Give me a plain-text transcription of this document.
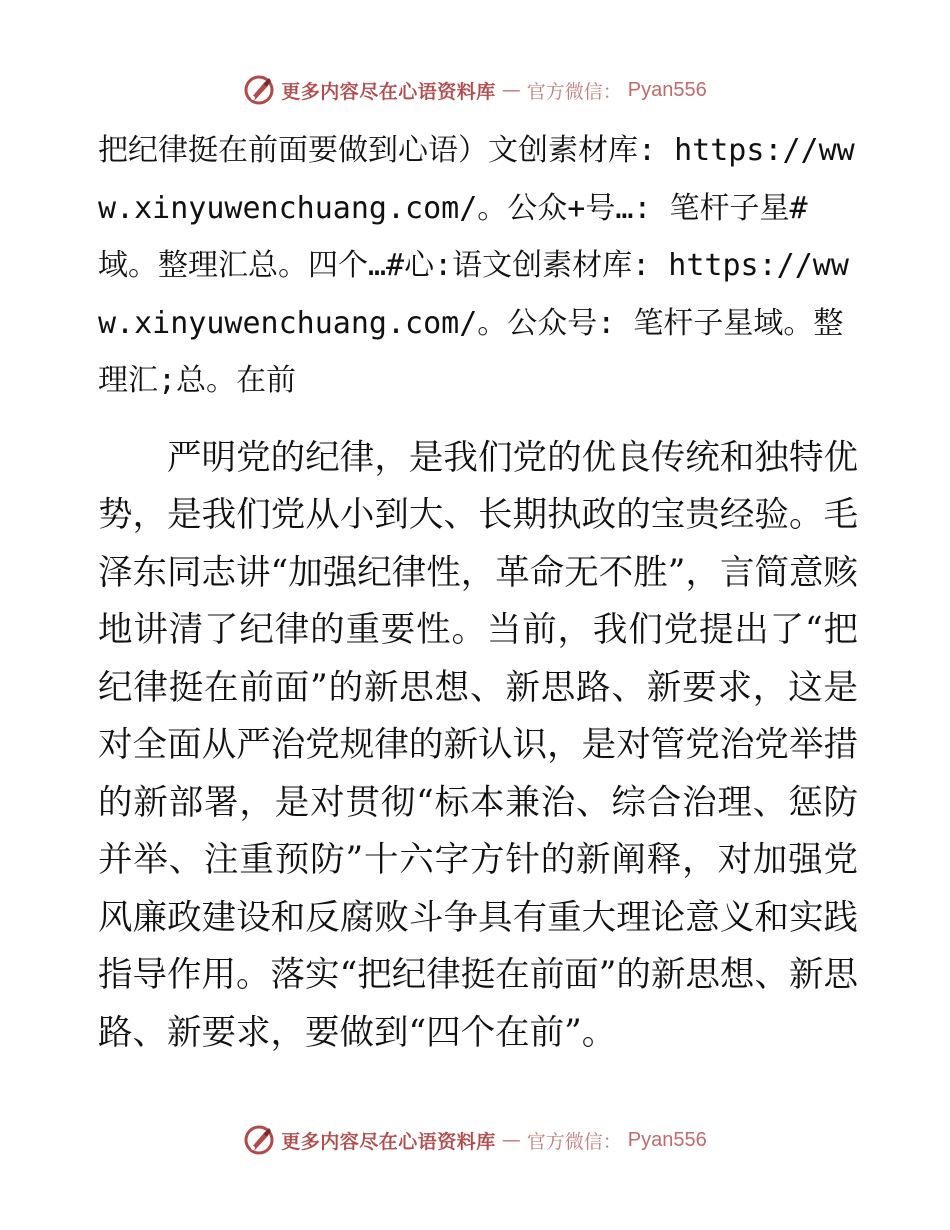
更多内容尽在心语资料库 — 官方微信： Pyan556

把纪律挺在前面要做到心语）文创素材库: https://www.xinyuwenchuang.com/。公众+号…: 笔杆子星#域。整理汇总。四个…#心:语文创素材库: https://www.xinyuwenchuang.com/。公众号: 笔杆子星域。整理汇;总。在前

严明党的纪律，是我们党的优良传统和独特优势，是我们党从小到大、长期执政的宝贵经验。毛泽东同志讲“加强纪律性，革命无不胜”，言简意赅地讲清了纪律的重要性。当前，我们党提出了“把纪律挺在前面”的新思想、新思路、新要求，这是对全面从严治党规律的新认识，是对管党治党举措的新部署，是对贯彻“标本兼治、综合治理、惩防并举、注重预防”十六字方针的新阐释，对加强党风廉政建设和反腐败斗争具有重大理论意义和实践指导作用。落实“把纪律挺在前面”的新思想、新思路、新要求，要做到“四个在前”。

更多内容尽在心语资料库 — 官方微信： Pyan556
